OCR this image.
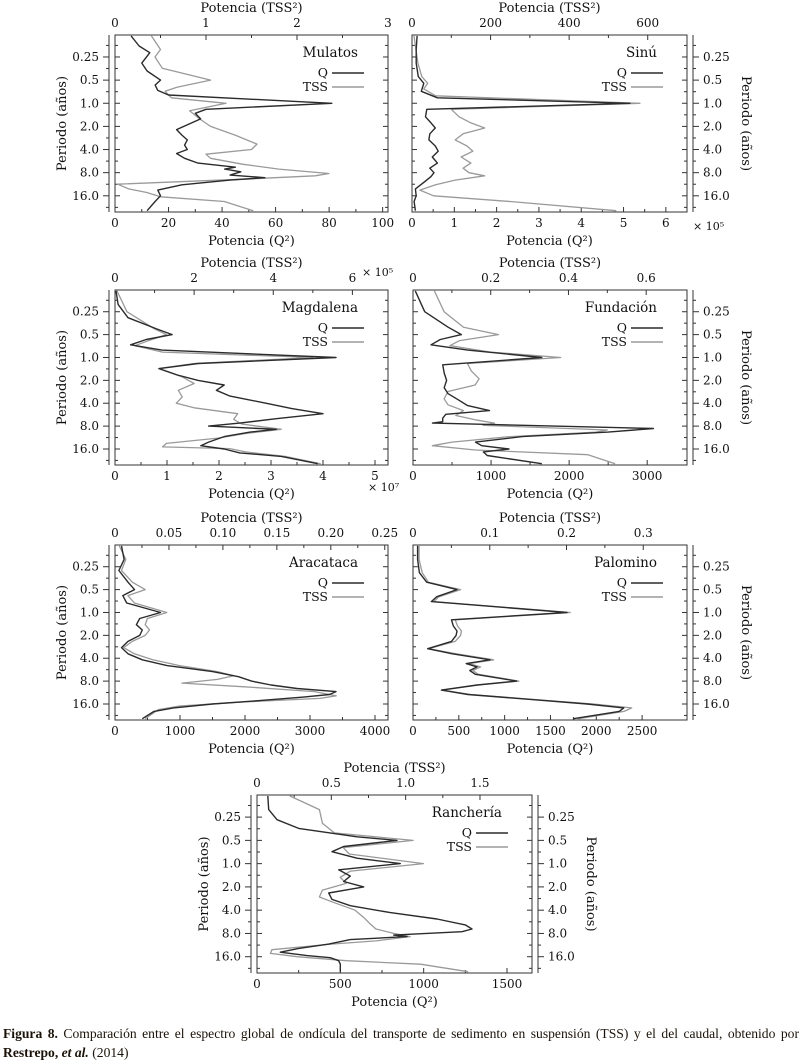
0	1	2	3
0	20	40	60	80	100
0.25
0.5
1.0
2.0
4.0
8.0
16.0
Periodo (años)
Potencia (TSS²)
Potencia (Q²)
Mulatos
Q
TSS
0	200	400	600
0	1	2	3	4	5	6
0.25
0.5
1.0
2.0
4.0
8.0
16.0
Periodo (años)
Potencia (TSS²)
Potencia (Q²)
× 10⁵
Sinú
Q
TSS
0	2	4	6
0	1	2	3	4	5
0.25
0.5
1.0
2.0
4.0
8.0
16.0
Periodo (años)
Potencia (TSS²)
Potencia (Q²)
× 10⁵
× 10⁷
Magdalena
Q
TSS
0	0.2	0.4	0.6
0	1000	2000	3000
0.25
0.5
1.0
2.0
4.0
8.0
16.0
Periodo (años)
Potencia (TSS²)
Potencia (Q²)
Fundación
Q
TSS
0	0.05 0.10 0.15 0.20 0.25
0	1000	2000	3000	4000
0.25
0.5
1.0
2.0
4.0
8.0
16.0
Periodo (años)
Potencia (TSS²)
Potencia (Q²)
Aracataca
Q
TSS
0	0.1	0.2	0.3
0	500 1000 1500 2000 2500
0.25
0.5
1.0
2.0
4.0
8.0
16.0
Periodo (años)
Potencia (TSS²)
Potencia (Q²)
Palomino
Q
TSS
0	0.5	1.0	1.5
0	500	1000	1500
0.25
0.5
1.0
2.0
4.0
8.0
16.0
Periodo (años)
0.25
0.5
1.0
2.0
4.0
8.0
16.0
Periodo (años)
Potencia (TSS²)
Potencia (Q²)
Ranchería
Q
TSS

Figura 8. Comparación entre el espectro global de ondícula del transporte de sedimento en suspensión (TSS) y el del caudal, obtenido por
Restrepo, et al. (2014)
